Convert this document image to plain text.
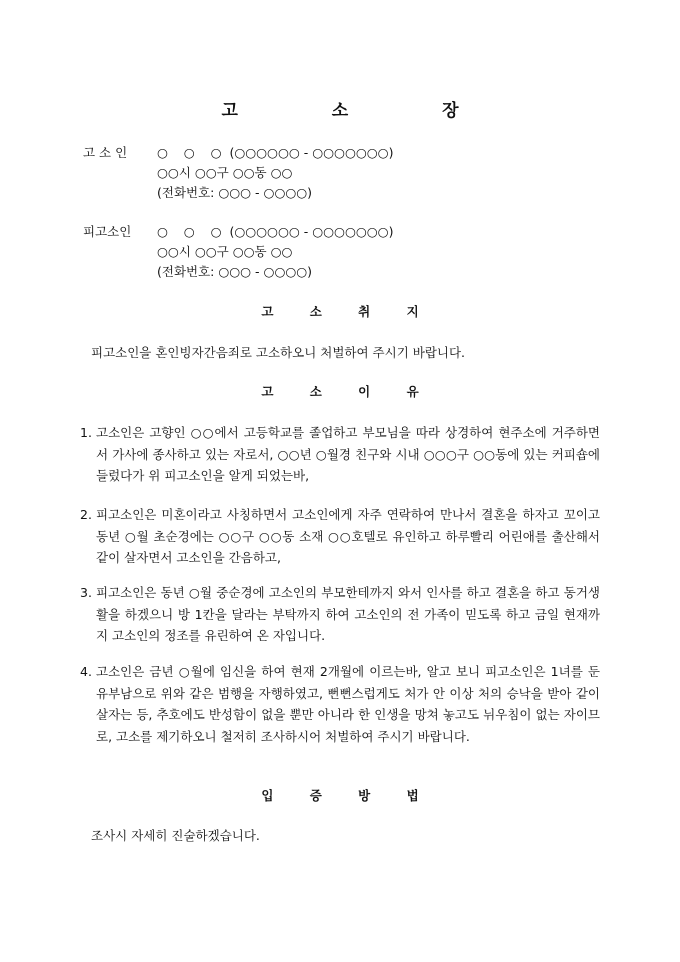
고 소 장
고 소 인	○    ○    ○  (○○○○○○ - ○○○○○○○)
○○시 ○○구 ○○동 ○○
(전화번호: ○○○ - ○○○○)
피고소인	○    ○    ○  (○○○○○○ - ○○○○○○○)
○○시 ○○구 ○○동 ○○
(전화번호: ○○○ - ○○○○)
고 소 취 지
피고소인을 혼인빙자간음죄로 고소하오니 처벌하여 주시기 바랍니다.
고 소 이 유
1. 고소인은 고향인 ○○에서 고등학교를 졸업하고 부모님을 따라 상경하여 현주소에 거주하면서 가사에 종사하고 있는 자로서, ○○년 ○월경 친구와 시내 ○○○구 ○○동에 있는 커피숍에 들렀다가 위 피고소인을 알게 되었는바,
2. 피고소인은 미혼이라고 사칭하면서 고소인에게 자주 연락하여 만나서 결혼을 하자고 꼬이고 동년 ○월 초순경에는 ○○구 ○○동 소재 ○○호텔로 유인하고 하루빨리 어린애를 출산해서 같이 살자면서 고소인을 간음하고,
3. 피고소인은 동년 ○월 중순경에 고소인의 부모한테까지 와서 인사를 하고 결혼을 하고 동거생활을 하겠으니 방 1칸을 달라는 부탁까지 하여 고소인의 전 가족이 믿도록 하고 금일 현재까지 고소인의 정조를 유린하여 온 자입니다.
4. 고소인은 금년 ○월에 임신을 하여 현재 2개월에 이르는바, 알고 보니 피고소인은 1녀를 둔 유부남으로 위와 같은 범행을 자행하였고, 뻔뻔스럽게도 처가 안 이상 처의 승낙을 받아 같이 살자는 등, 추호에도 반성함이 없을 뿐만 아니라 한 인생을 망쳐 놓고도 뉘우침이 없는 자이므로, 고소를 제기하오니 철저히 조사하시어 처벌하여 주시기 바랍니다.
입 증 방 법
조사시 자세히 진술하겠습니다.
